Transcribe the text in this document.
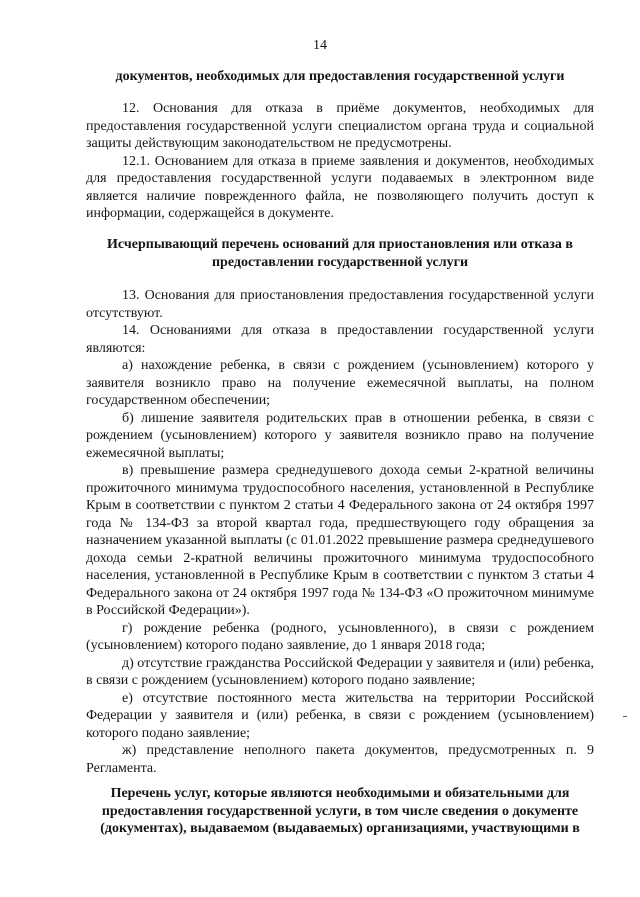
14
документов, необходимых для предоставления государственной услуги

12. Основания для отказа в приёме документов, необходимых для предоставления государственной услуги специалистом органа труда и социальной защиты действующим законодательством не предусмотрены.

12.1. Основанием для отказа в приеме заявления и документов, необходимых для предоставления государственной услуги подаваемых в электронном виде является наличие поврежденного файла, не позволяющего получить доступ к информации, содержащейся в документе.

Исчерпывающий перечень оснований для приостановления или отказа в предоставлении государственной услуги

13. Основания для приостановления предоставления государственной услуги отсутствуют.

14. Основаниями для отказа в предоставлении государственной услуги являются:

а) нахождение ребенка, в связи с рождением (усыновлением) которого у заявителя возникло право на получение ежемесячной выплаты, на полном государственном обеспечении;

б) лишение заявителя родительских прав в отношении ребенка, в связи с рождением (усыновлением) которого у заявителя возникло право на получение ежемесячной выплаты;

в) превышение размера среднедушевого дохода семьи 2-кратной величины прожиточного минимума трудоспособного населения, установленной в Республике Крым в соответствии с пунктом 2 статьи 4 Федерального закона от 24 октября 1997 года № 134-ФЗ за второй квартал года, предшествующего году обращения за назначением указанной выплаты (с 01.01.2022 превышение размера среднедушевого дохода семьи 2-кратной величины прожиточного минимума трудоспособного населения, установленной в Республике Крым в соответствии с пунктом 3 статьи 4 Федерального закона от 24 октября 1997 года № 134-ФЗ «О прожиточном минимуме в Российской Федерации»).

г) рождение ребенка (родного, усыновленного), в связи с рождением (усыновлением) которого подано заявление, до 1 января 2018 года;

д) отсутствие гражданства Российской Федерации у заявителя и (или) ребенка, в связи с рождением (усыновлением) которого подано заявление;

е) отсутствие постоянного места жительства на территории Российской Федерации у заявителя и (или) ребенка, в связи с рождением (усыновлением) которого подано заявление;

ж) представление неполного пакета документов, предусмотренных п. 9 Регламента.

Перечень услуг, которые являются необходимыми и обязательными для предоставления государственной услуги, в том числе сведения о документе (документах), выдаваемом (выдаваемых) организациями, участвующими в
